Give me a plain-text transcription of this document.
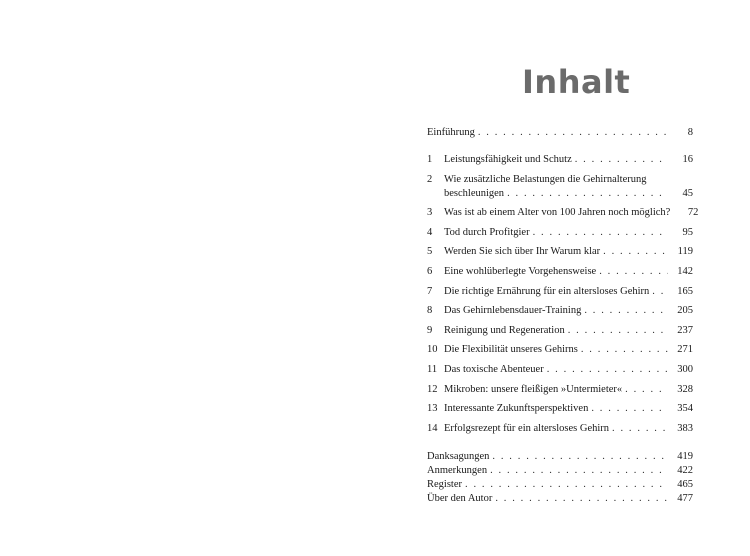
Inhalt
Einführung . . .	8
1 Leistungsfähigkeit und Schutz . . .	16
2 Wie zusätzliche Belastungen die Gehirnalterung
beschleunigen . . .	45
3 Was ist ab einem Alter von 100 Jahren noch möglich?	72
4 Tod durch Profitgier . . .	95
5 Werden Sie sich über Ihr Warum klar . . .	119
6 Eine wohlüberlegte Vorgehensweise . . .	142
7 Die richtige Ernährung für ein altersloses Gehirn . . .	165
8 Das Gehirnlebensdauer-Training . . .	205
9 Reinigung und Regeneration . . .	237
10 Die Flexibilität unseres Gehirns . . .	271
11 Das toxische Abenteuer . . .	300
12 Mikroben: unsere fleißigen »Untermieter« . . .	328
13 Interessante Zukunftsperspektiven . . .	354
14 Erfolgsrezept für ein altersloses Gehirn . . .	383
Danksagungen . . .	419
Anmerkungen . . .	422
Register . . .	465
Über den Autor . . .	477
